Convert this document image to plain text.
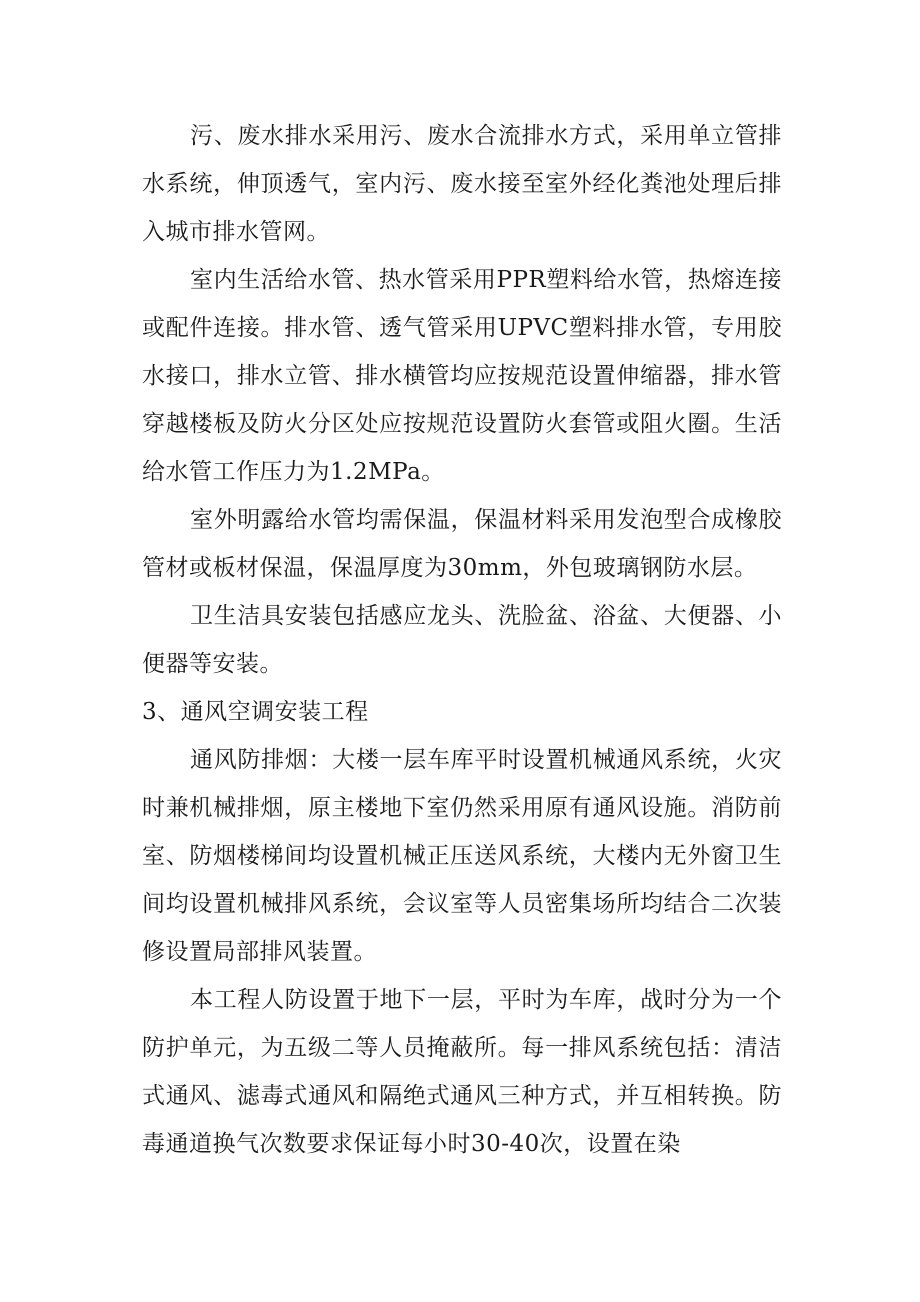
污、废水排水采用污、废水合流排水方式，采用单立管排水系统，伸顶透气，室内污、废水接至室外经化粪池处理后排入城市排水管网。

室内生活给水管、热水管采用PPR塑料给水管，热熔连接或配件连接。排水管、透气管采用UPVC塑料排水管，专用胶水接口，排水立管、排水横管均应按规范设置伸缩器，排水管穿越楼板及防火分区处应按规范设置防火套管或阻火圈。生活给水管工作压力为1.2MPa。

室外明露给水管均需保温，保温材料采用发泡型合成橡胶管材或板材保温，保温厚度为30mm，外包玻璃钢防水层。

卫生洁具安装包括感应龙头、洗脸盆、浴盆、大便器、小便器等安装。

3、通风空调安装工程

通风防排烟：大楼一层车库平时设置机械通风系统，火灾时兼机械排烟，原主楼地下室仍然采用原有通风设施。消防前室、防烟楼梯间均设置机械正压送风系统，大楼内无外窗卫生间均设置机械排风系统，会议室等人员密集场所均结合二次装修设置局部排风装置。

本工程人防设置于地下一层，平时为车库，战时分为一个防护单元，为五级二等人员掩蔽所。每一排风系统包括：清洁式通风、滤毒式通风和隔绝式通风三种方式，并互相转换。防毒通道换气次数要求保证每小时30-40次，设置在染
